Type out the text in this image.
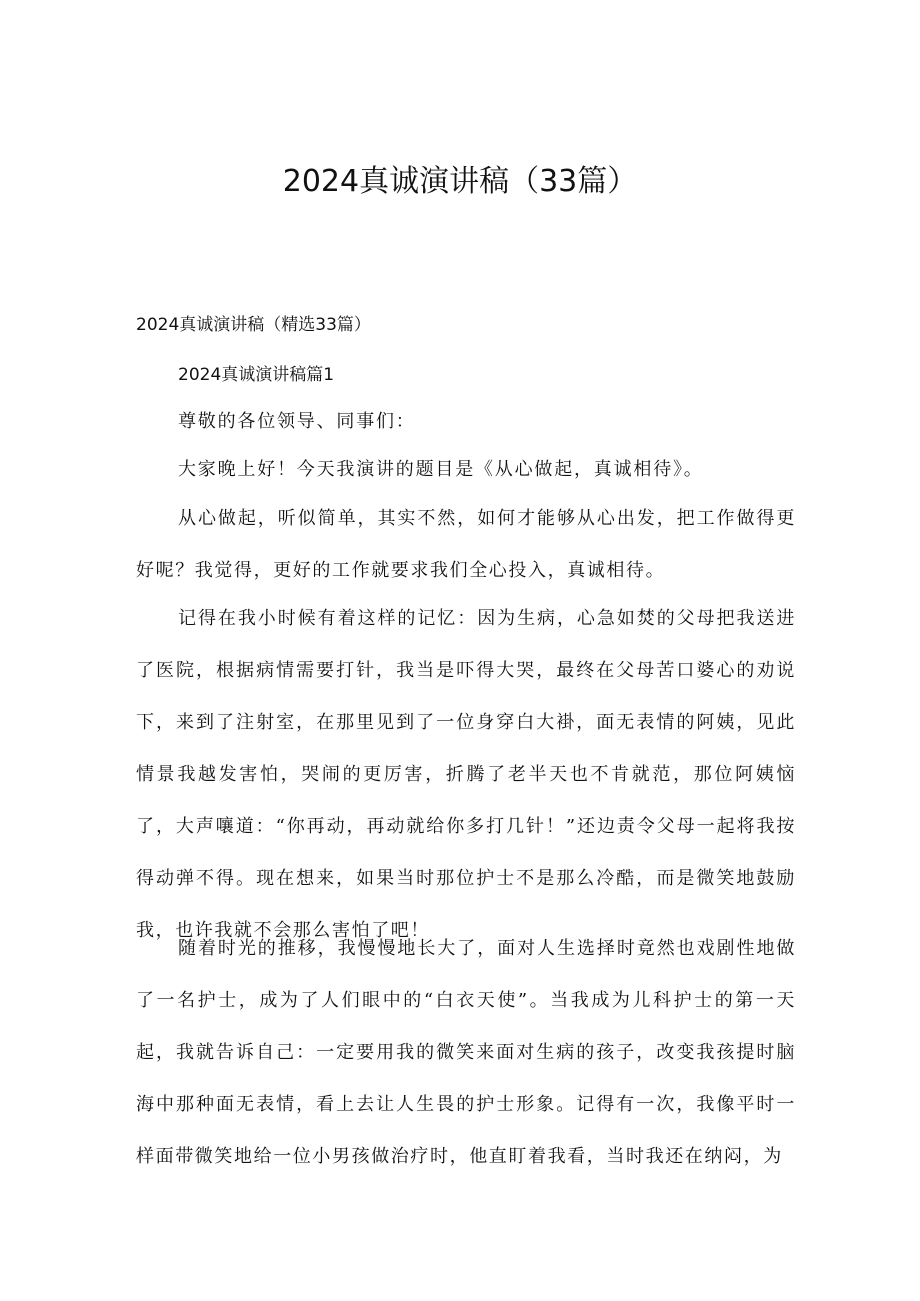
2024真诚演讲稿（33篇）
2024真诚演讲稿（精选33篇）
2024真诚演讲稿篇1
尊敬的各位领导、同事们：
大家晚上好！今天我演讲的题目是《从心做起，真诚相待》。

从心做起，听似简单，其实不然，如何才能够从心出发，把工作做得更好呢？我觉得，更好的工作就要求我们全心投入，真诚相待。

记得在我小时候有着这样的记忆：因为生病，心急如焚的父母把我送进了医院，根据病情需要打针，我当是吓得大哭，最终在父母苦口婆心的劝说下，来到了注射室，在那里见到了一位身穿白大褂，面无表情的阿姨，见此情景我越发害怕，哭闹的更厉害，折腾了老半天也不肯就范，那位阿姨恼了，大声嚷道：“你再动，再动就给你多打几针！”还边责令父母一起将我按得动弹不得。现在想来，如果当时那位护士不是那么冷酷，而是微笑地鼓励我，也许我就不会那么害怕了吧！

随着时光的推移，我慢慢地长大了，面对人生选择时竟然也戏剧性地做了一名护士，成为了人们眼中的“白衣天使”。当我成为儿科护士的第一天起，我就告诉自己：一定要用我的微笑来面对生病的孩子，改变我孩提时脑海中那种面无表情，看上去让人生畏的护士形象。记得有一次，我像平时一样面带微笑地给一位小男孩做治疗时，他直盯着我看，当时我还在纳闷，为
